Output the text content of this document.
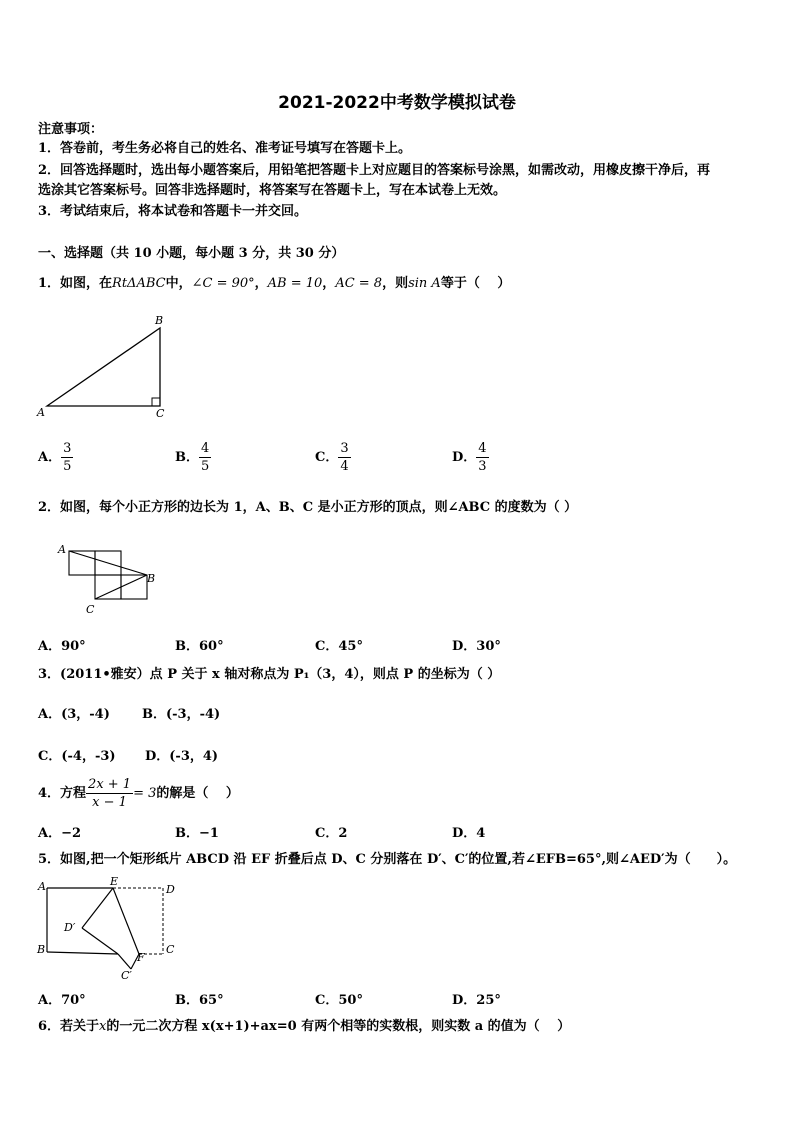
2021-2022中考数学模拟试卷
注意事项：
1．答卷前，考生务必将自己的姓名、准考证号填写在答题卡上。
2．回答选择题时，选出每小题答案后，用铅笔把答题卡上对应题目的答案标号涂黑，如需改动，用橡皮擦干净后，再
选涂其它答案标号。回答非选择题时，将答案写在答题卡上，写在本试卷上无效。
3．考试结束后，将本试卷和答题卡一并交回。
一、选择题（共 10 小题，每小题 3 分，共 30 分）
1．如图，在RtΔABC中，∠C = 90°，AB = 10，AC = 8，则sin A等于（　 ）
A
B
C
A． $\frac{3}{5}$	B． $\frac{4}{5}$	C． $\frac{3}{4}$	D． $\frac{4}{3}$
2．如图，每个小正方形的边长为 1，A、B、C 是小正方形的顶点，则∠ABC 的度数为（ ）
A
B
C
A．90°	B．60°	C．45°	D．30°
3．(2011•雅安）点 P 关于 x 轴对称点为 P₁（3，4），则点 P 的坐标为（ ）
A．(3，-4) B．(-3，-4)
C．(-4，-3) D．(-3，4)
4．方程 $\frac{2x + 1}{x - 1} = 3$的解是（　 ）
A．−2	B．−1	C．2	D．4
5．如图,把一个矩形纸片 ABCD 沿 EF 折叠后点 D、C 分别落在 D′、C′的位置,若∠EFB=65°,则∠AED′为（　　）。
A	E
D
D′
B
F
C
C′
A．70°	B．65°	C．50°	D．25°
6．若关于x的一元二次方程 x(x+1)+ax=0 有两个相等的实数根，则实数 a 的值为（　 ）
